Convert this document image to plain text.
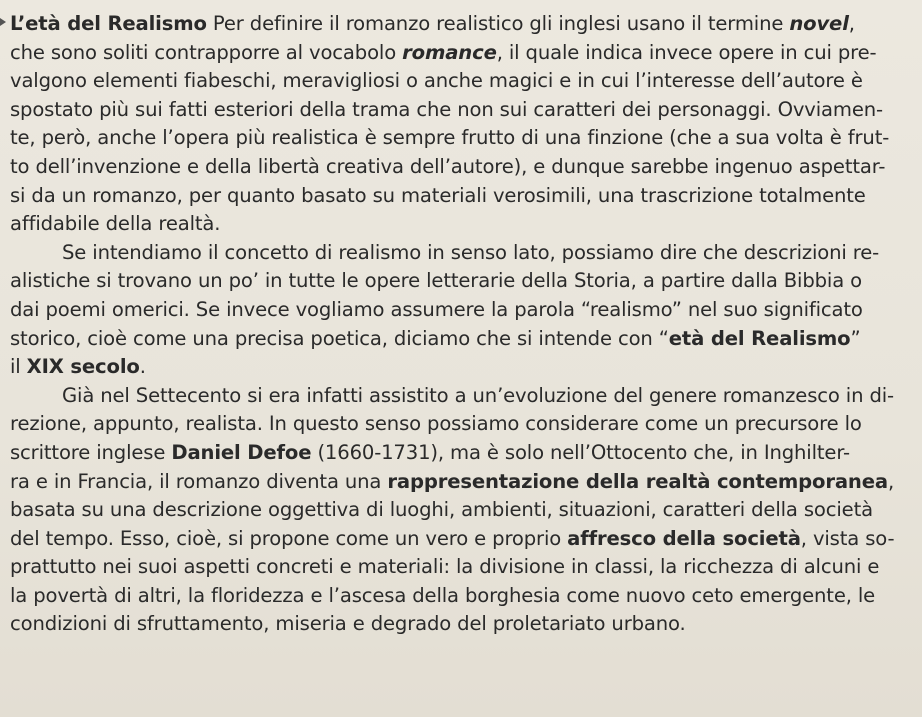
L’età del Realismo Per definire il romanzo realistico gli inglesi usano il termine novel,
che sono soliti contrapporre al vocabolo romance, il quale indica invece opere in cui pre-
valgono elementi fiabeschi, meravigliosi o anche magici e in cui l’interesse dell’autore è
spostato più sui fatti esteriori della trama che non sui caratteri dei personaggi. Ovviamen-
te, però, anche l’opera più realistica è sempre frutto di una finzione (che a sua volta è frut-
to dell’invenzione e della libertà creativa dell’autore), e dunque sarebbe ingenuo aspettar-
si da un romanzo, per quanto basato su materiali verosimili, una trascrizione totalmente
affidabile della realtà.
Se intendiamo il concetto di realismo in senso lato, possiamo dire che descrizioni re-
alistiche si trovano un po’ in tutte le opere letterarie della Storia, a partire dalla Bibbia o
dai poemi omerici. Se invece vogliamo assumere la parola “realismo” nel suo significato
storico, cioè come una precisa poetica, diciamo che si intende con “età del Realismo”
il XIX secolo.
Già nel Settecento si era infatti assistito a un’evoluzione del genere romanzesco in di-
rezione, appunto, realista. In questo senso possiamo considerare come un precursore lo
scrittore inglese Daniel Defoe (1660-1731), ma è solo nell’Ottocento che, in Inghilter-
ra e in Francia, il romanzo diventa una rappresentazione della realtà contemporanea,
basata su una descrizione oggettiva di luoghi, ambienti, situazioni, caratteri della società
del tempo. Esso, cioè, si propone come un vero e proprio affresco della società, vista so-
prattutto nei suoi aspetti concreti e materiali: la divisione in classi, la ricchezza di alcuni e
la povertà di altri, la floridezza e l’ascesa della borghesia come nuovo ceto emergente, le
condizioni di sfruttamento, miseria e degrado del proletariato urbano.
